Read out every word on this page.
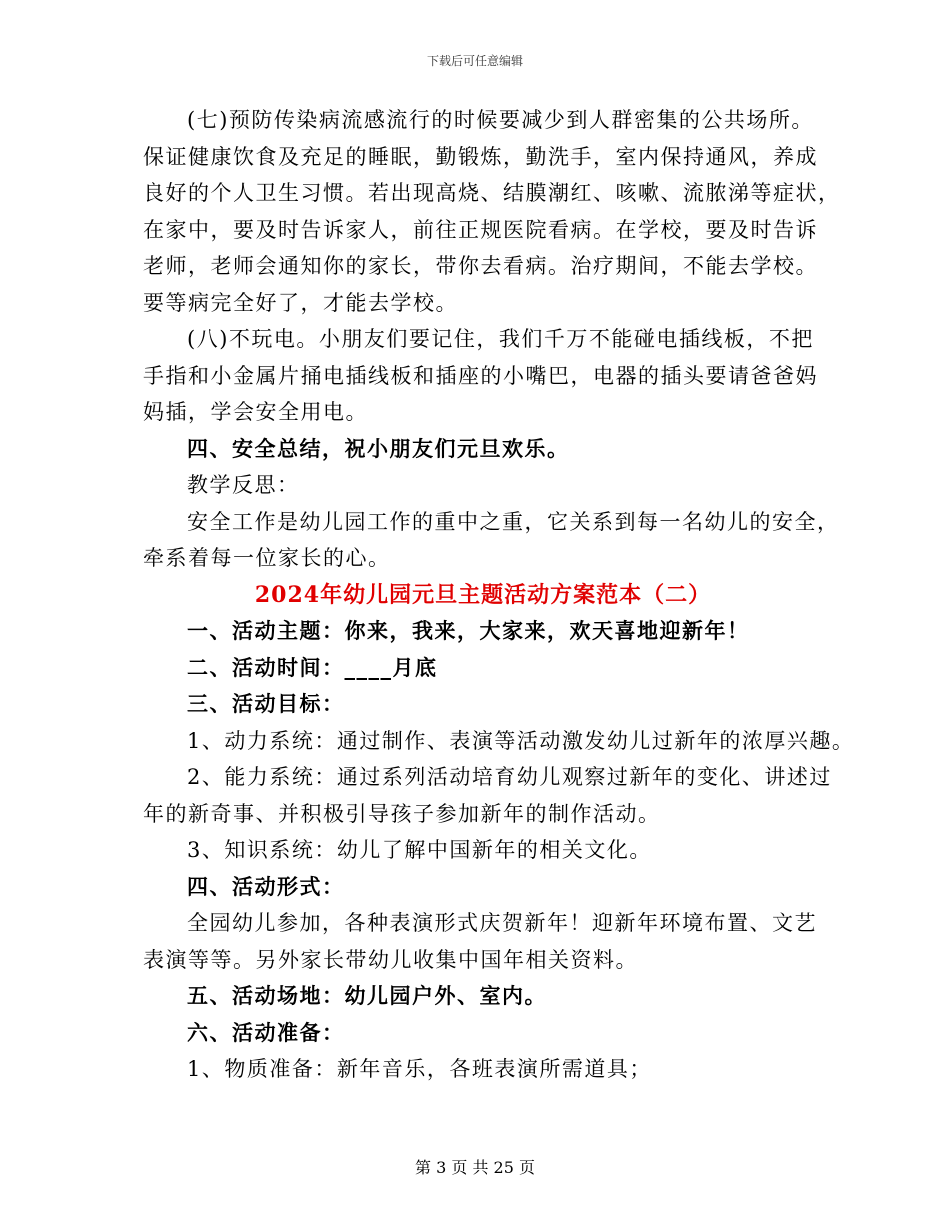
下载后可任意编辑
(七)预防传染病流感流行的时候要减少到人群密集的公共场所。
保证健康饮食及充足的睡眠，勤锻炼，勤洗手，室内保持通风，养成
良好的个人卫生习惯。若出现高烧、结膜潮红、咳嗽、流脓涕等症状，
在家中，要及时告诉家人，前往正规医院看病。在学校，要及时告诉
老师，老师会通知你的家长，带你去看病。治疗期间，不能去学校。
要等病完全好了，才能去学校。
(八)不玩电。小朋友们要记住，我们千万不能碰电插线板，不把
手指和小金属片捅电插线板和插座的小嘴巴，电器的插头要请爸爸妈
妈插，学会安全用电。
四、安全总结，祝小朋友们元旦欢乐。
教学反思：
安全工作是幼儿园工作的重中之重，它关系到每一名幼儿的安全，
牵系着每一位家长的心。
2024年幼儿园元旦主题活动方案范本（二）
一、活动主题：你来，我来，大家来，欢天喜地迎新年！
二、活动时间：____月底
三、活动目标：
1、动力系统：通过制作、表演等活动激发幼儿过新年的浓厚兴趣。
2、能力系统：通过系列活动培育幼儿观察过新年的变化、讲述过
年的新奇事、并积极引导孩子参加新年的制作活动。
3、知识系统：幼儿了解中国新年的相关文化。
四、活动形式：
全园幼儿参加，各种表演形式庆贺新年！迎新年环境布置、文艺
表演等等。另外家长带幼儿收集中国年相关资料。
五、活动场地：幼儿园户外、室内。
六、活动准备：
1、物质准备：新年音乐，各班表演所需道具；
第 3 页 共 25 页
